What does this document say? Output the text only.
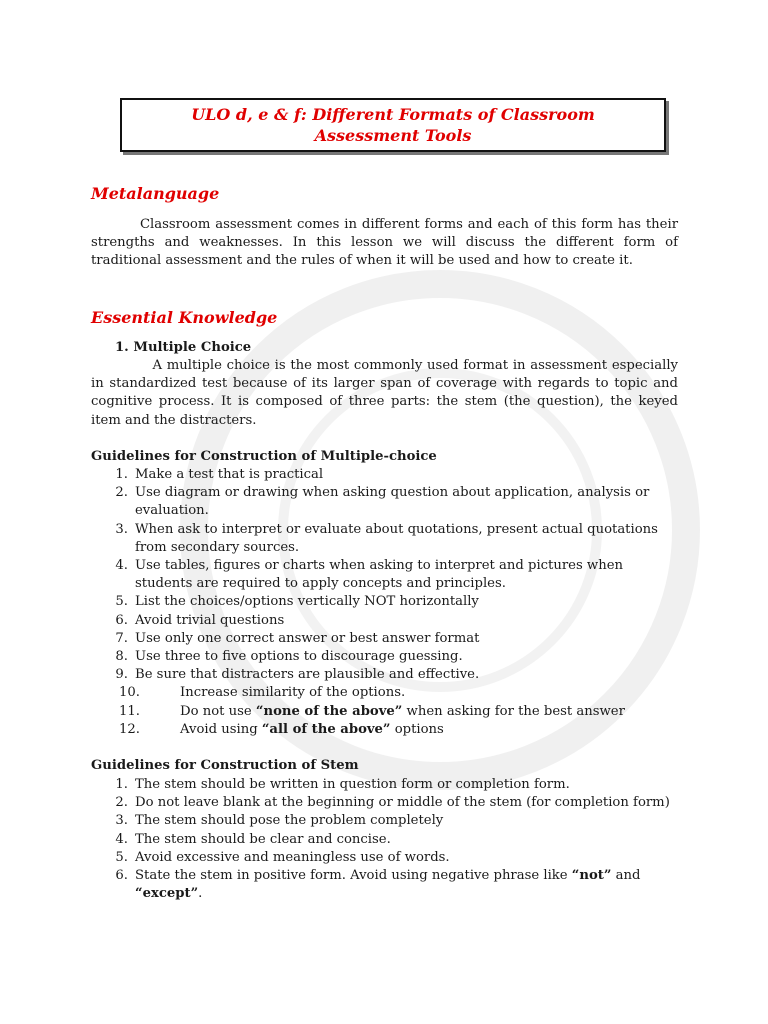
ULO d, e & f: Different Formats of Classroom
Assessment Tools
Metalanguage

Classroom assessment comes in different forms and each of this form has their strengths and weaknesses. In this lesson we will discuss the different form of traditional assessment and the rules of when it will be used and how to create it.

Essential Knowledge
1. Multiple Choice

A multiple choice is the most commonly used format in assessment especially in standardized test because of its larger span of coverage with regards to topic and cognitive process. It is composed of three parts: the stem (the question), the keyed item and the distracters.

Guidelines for Construction of Multiple-choice
1. Make a test that is practical
2. Use diagram or drawing when asking question about application, analysis or evaluation.
3. When ask to interpret or evaluate about quotations, present actual quotations from secondary sources.
4. Use tables, figures or charts when asking to interpret and pictures when students are required to apply concepts and principles.
5. List the choices/options vertically NOT horizontally
6. Avoid trivial questions
7. Use only one correct answer or best answer format
8. Use three to five options to discourage guessing.
9. Be sure that distracters are plausible and effective.
10.	Increase similarity of the options.
11.	Do not use “none of the above” when asking for the best answer
12.	Avoid using “all of the above” options
Guidelines for Construction of Stem
1. The stem should be written in question form or completion form.
2. Do not leave blank at the beginning or middle of the stem (for completion form)
3. The stem should pose the problem completely
4. The stem should be clear and concise.
5. Avoid excessive and meaningless use of words.
6. State the stem in positive form. Avoid using negative phrase like “not” and “except”.
